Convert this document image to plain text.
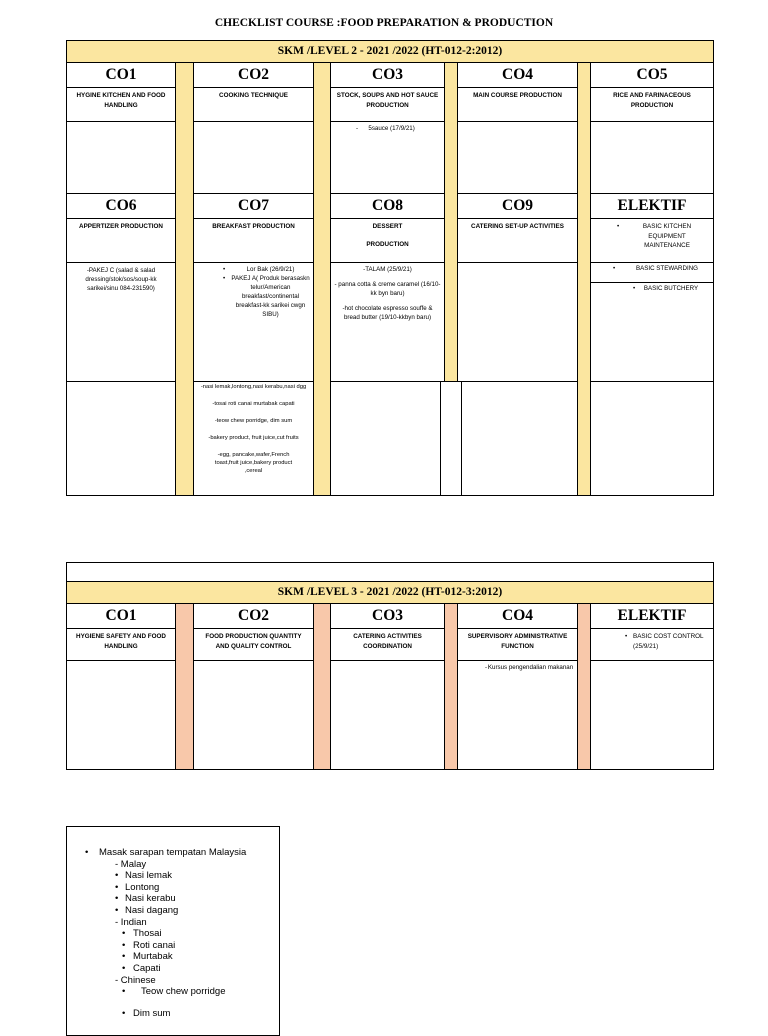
CHECKLIST COURSE :FOOD PREPARATION & PRODUCTION
SKM /LEVEL 2 - 2021 /2022 (HT-012-2:2012)
CO1	CO2	CO3	CO4	CO5
HYGINE KITCHEN AND FOOD HANDLING
COOKING TECHNIQUE	STOCK, SOUPS AND HOT SAUCE PRODUCTION
MAIN COURSE PRODUCTION	RICE AND FARINACEOUS PRODUCTION
-      5sauce (17/9/21)
CO6	CO7	CO8	CO9	ELEKTIF
APPERTIZER PRODUCTION	BREAKFAST PRODUCTION	DESSERT
PRODUCTION
CATERING SET-UP ACTIVITIES
•	BASIC KITCHEN EQUIPMENT MAINTENANCE
-PAKEJ C (salad & salad dressing/stok/sos/soup-kk sarikei/sinu 084-231590)
• Lor Bak (26/9/21)
• PAKEJ A( Produk berasaskn telur/American breakfast/continental breakfast-kk sarikei cwgn SIBU)
-TALAM (25/9/21)
- panna cotta & creme caramel (16/10-kk byn baru)
-hot chocolate espresso souffe & bread butter (19/10-kkbyn baru)
• BASIC STEWARDING
• BASIC BUTCHERY
-nasi lemak,lontong,nasi kerabu,nasi dgg
-tosai roti canai murtabak capati
-teow chew porridge, dim sum
-bakery product, fruit juice,cut fruits
-egg, pancake,wafer,French toast,fruit juice,bakery product ,cereal
SKM /LEVEL 3 - 2021 /2022 (HT-012-3:2012)
CO1	CO2	CO3	CO4	ELEKTIF
HYGIENE SAFETY AND FOOD HANDLING
FOOD PRODUCTION QUANTITY AND QUALITY CONTROL
CATERING ACTIVITIES COORDINATION
SUPERVISORY ADMINISTRATIVE FUNCTION
• BASIC COST CONTROL (25/9/21)
- Kursus pengendalian makanan
• Masak sarapan tempatan Malaysia
- Malay
• Nasi lemak
• Lontong
• Nasi kerabu
• Nasi dagang
- Indian
• Thosai
• Roti canai
• Murtabak
• Capati
- Chinese
• Teow chew porridge
• Dim sum
